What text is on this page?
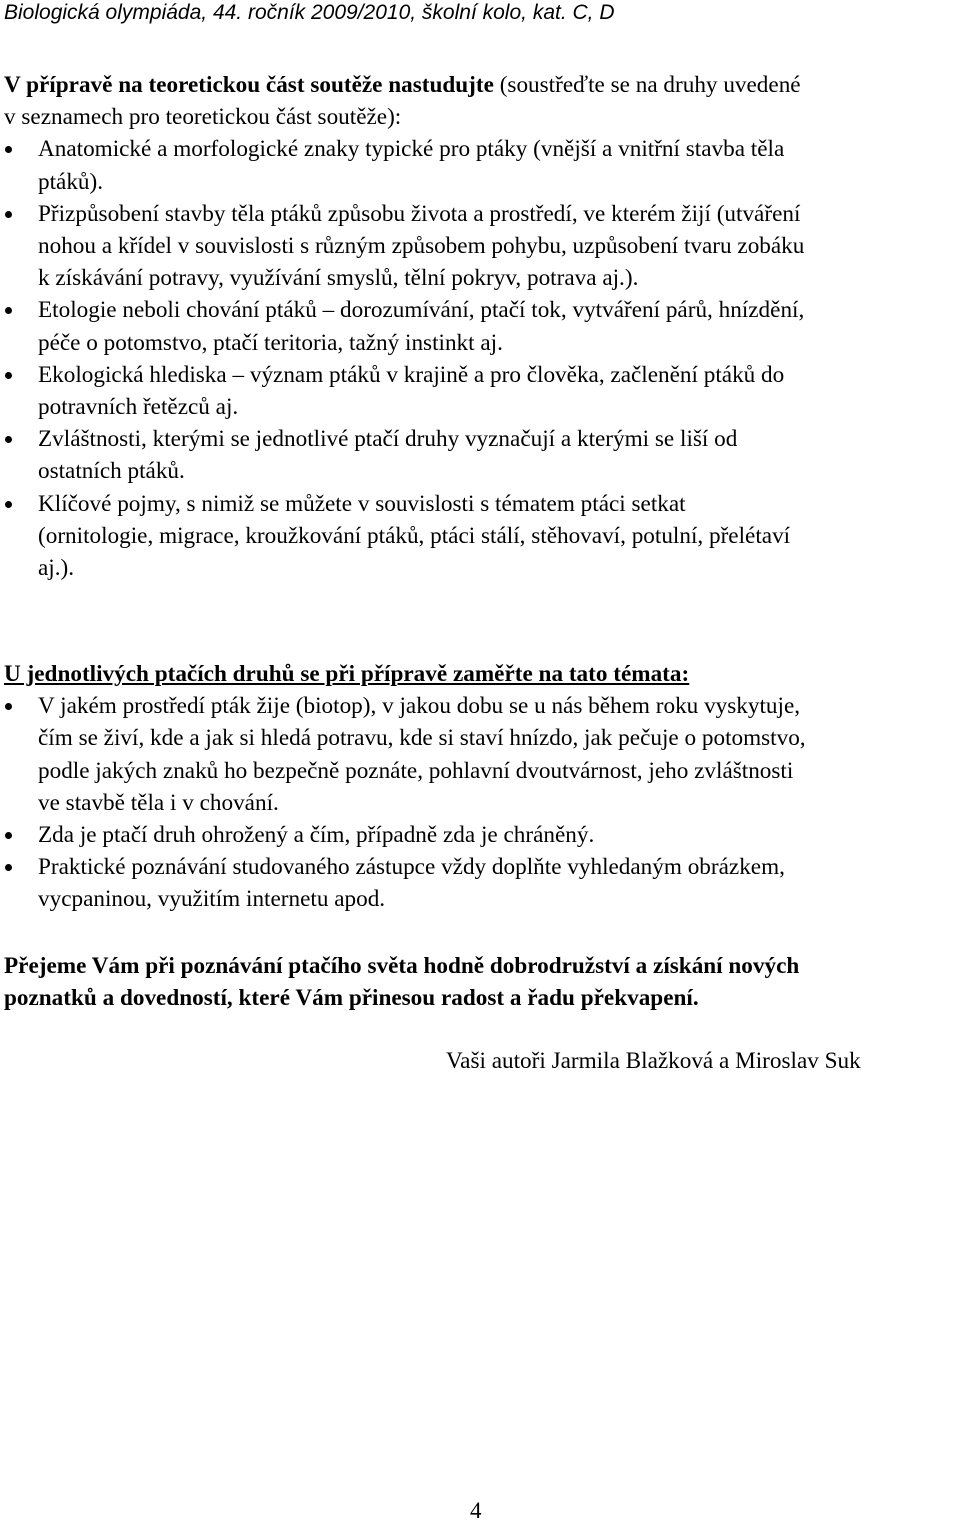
Biologická olympiáda, 44. ročník 2009/2010, školní kolo, kat. C, D

V přípravě na teoretickou část soutěže nastudujte (soustřeďte se na druhy uvedené

v seznamech pro teoretickou část soutěže):

Anatomické a morfologické znaky typické pro ptáky (vnější a vnitřní stavba těla
ptáků).
Přizpůsobení stavby těla ptáků způsobu života a prostředí, ve kterém žijí (utváření
nohou a křídel v souvislosti s různým způsobem pohybu, uzpůsobení tvaru zobáku
k získávání potravy, využívání smyslů, tělní pokryv, potrava aj.).
Etologie neboli chování ptáků – dorozumívání, ptačí tok, vytváření párů, hnízdění,
péče o potomstvo, ptačí teritoria, tažný instinkt aj.
Ekologická hlediska – význam ptáků v krajině a pro člověka, začlenění ptáků do
potravních řetězců aj.
Zvláštnosti, kterými se jednotlivé ptačí druhy vyznačují a kterými se liší od
ostatních ptáků.
Klíčové pojmy, s nimiž se můžete v souvislosti s tématem ptáci setkat
(ornitologie, migrace, kroužkování ptáků, ptáci stálí, stěhovaví, potulní, přelétaví
aj.).

U jednotlivých ptačích druhů se při přípravě zaměřte na tato témata:

V jakém prostředí pták žije (biotop), v jakou dobu se u nás během roku vyskytuje,
čím se živí, kde a jak si hledá potravu, kde si staví hnízdo, jak pečuje o potomstvo,
podle jakých znaků ho bezpečně poznáte, pohlavní dvoutvárnost, jeho zvláštnosti
ve stavbě těla i v chování.
Zda je ptačí druh ohrožený a čím, případně zda je chráněný.
Praktické poznávání studovaného zástupce vždy doplňte vyhledaným obrázkem,
vycpaninou, využitím internetu apod.
Přejeme Vám při poznávání ptačího světa hodně dobrodružství a získání nových
poznatků a dovedností, které Vám přinesou radost a řadu překvapení.
Vaši autoři Jarmila Blažková a Miroslav Suk
4
